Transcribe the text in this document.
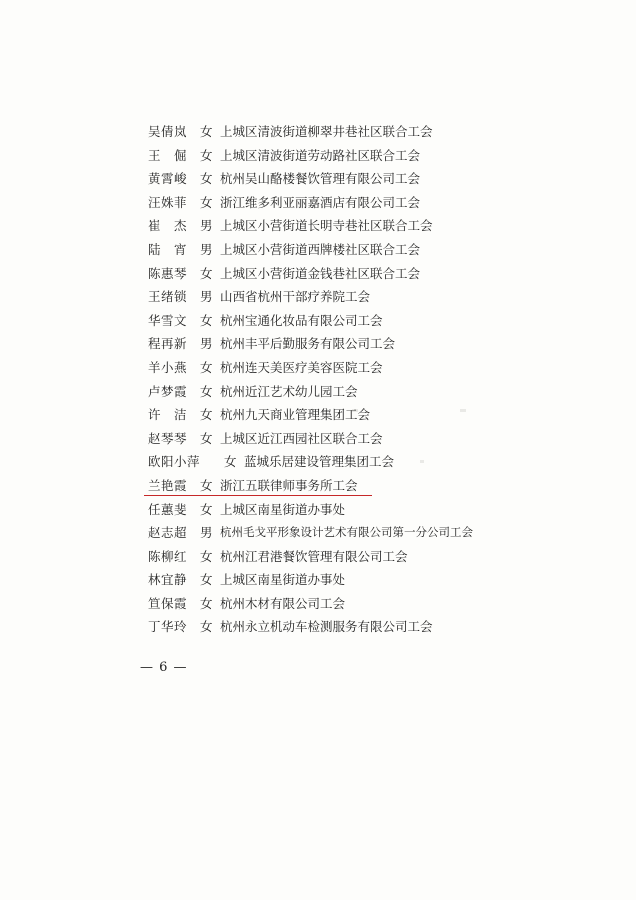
吴倩岚	女 上城区清波街道柳翠井巷社区联合工会
王　倔	女 上城区清波街道劳动路社区联合工会
黄霄峻	女 杭州吴山酪楼餐饮管理有限公司工会
汪姝菲	女 浙江维多利亚丽嘉酒店有限公司工会
崔　杰	男 上城区小营街道长明寺巷社区联合工会
陆　宵	男 上城区小营街道西牌楼社区联合工会
陈惠琴	女 上城区小营街道金钱巷社区联合工会
王绪锁	男 山西省杭州干部疗养院工会
华雪文	女 杭州宝通化妆品有限公司工会
程再新	男 杭州丰平后勤服务有限公司工会
羊小燕	女 杭州连天美医疗美容医院工会
卢梦霞	女 杭州近江艺术幼儿园工会
许　洁	女 杭州九天商业管理集团工会
赵琴琴	女 上城区近江西园社区联合工会
欧阳小萍	女 蓝城乐居建设管理集团工会
兰艳霞	女 浙江五联律师事务所工会
任蕙斐	女 上城区南星街道办事处
赵志超	男 杭州毛戈平形象设计艺术有限公司第一分公司工会
陈柳红	女 杭州江君港餐饮管理有限公司工会
林宜静	女 上城区南星街道办事处
笪保霞	女 杭州木材有限公司工会
丁华玲	女 杭州永立机动车检测服务有限公司工会
— 6 —
